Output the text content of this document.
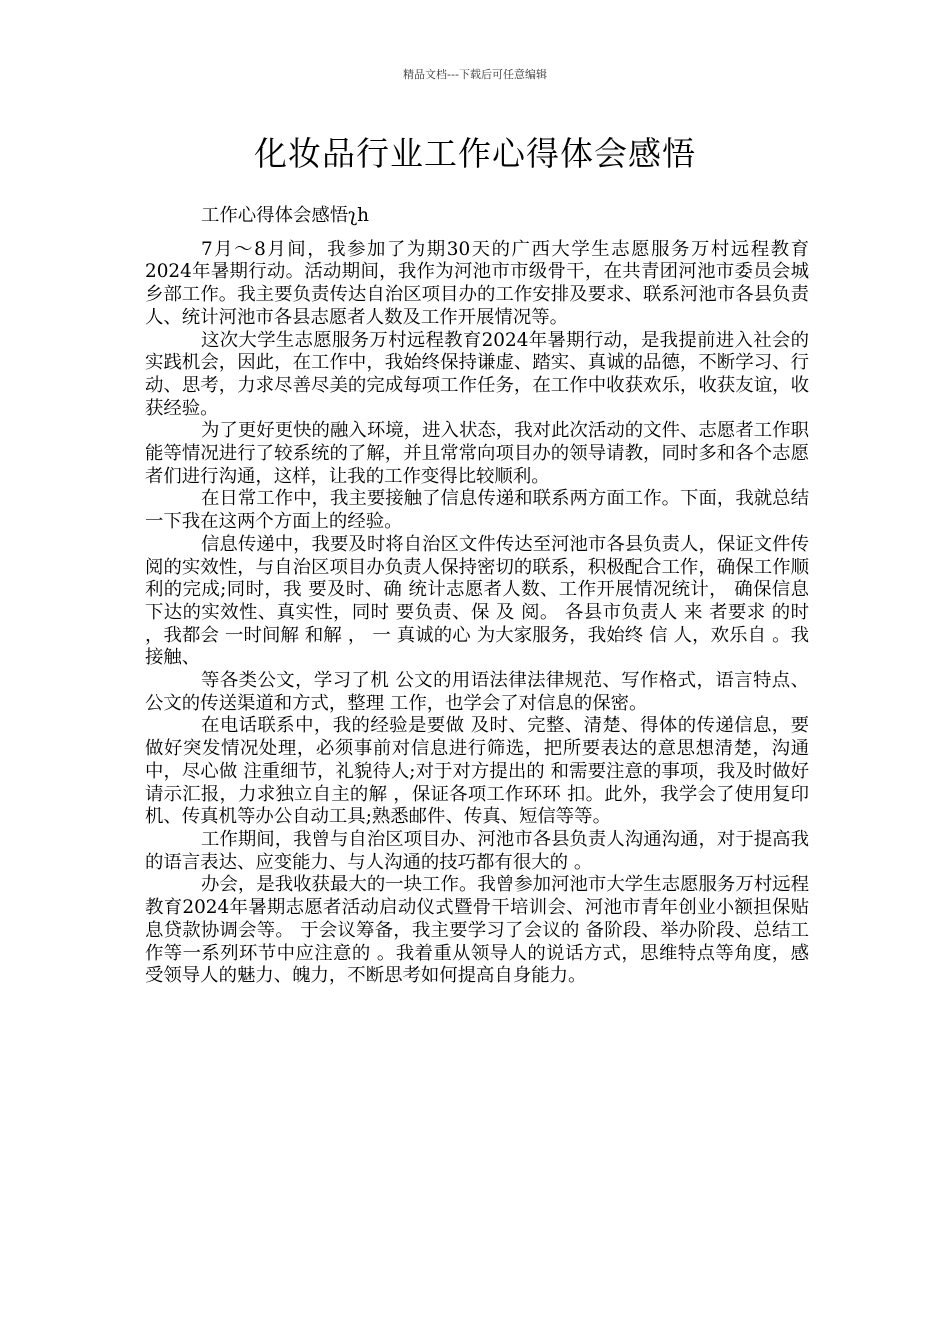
精品文档---下载后可任意编辑
化妆品行业工作心得体会感悟

工作心得体会感悟ʅh

7月～8月间，我参加了为期30天的广西大学生志愿服务万村远程教育2024年暑期行动。活动期间，我作为河池市市级骨干，在共青团河池市委员会城乡部工作。我主要负责传达自治区项目办的工作安排及要求、联系河池市各县负责人、统计河池市各县志愿者人数及工作开展情况等。

这次大学生志愿服务万村远程教育2024年暑期行动，是我提前进入社会的实践机会，因此，在工作中，我始终保持谦虚、踏实、真诚的品德，不断学习、行动、思考，力求尽善尽美的完成每项工作任务，在工作中收获欢乐，收获友谊，收获经验。

为了更好更快的融入环境，进入状态，我对此次活动的文件、志愿者工作职能等情况进行了较系统的了解，并且常常向项目办的领导请教，同时多和各个志愿者们进行沟通，这样，让我的工作变得比较顺利。

在日常工作中，我主要接触了信息传递和联系两方面工作。下面，我就总结一下我在这两个方面上的经验。

信息传递中，我要及时将自治区文件传达至河池市各县负责人，保证文件传阅的实效性，与自治区项目办负责人保持密切的联系，积极配合工作，确保工作顺利的完成;同时，我 要及时、确 统计志愿者人数、工作开展情况统计， 确保信息下达的实效性、真实性，同时 要负责、保 及 阅。 各县市负责人 来 者要求 的时 ，我都会 一时间解 和解 ， 一 真诚的心 为大家服务，我始终 信 人，欢乐自 。我 接触、

等各类公文，学习了机 公文的用语法律法律规范、写作格式，语言特点、公文的传送渠道和方式，整理 工作，也学会了对信息的保密。

在电话联系中，我的经验是要做 及时、完整、清楚、得体的传递信息，要做好突发情况处理，必须事前对信息进行筛选，把所要表达的意思想清楚，沟通中，尽心做 注重细节，礼貌待人;对于对方提出的 和需要注意的事项，我及时做好请示汇报，力求独立自主的解 ，保证各项工作环环 扣。此外，我学会了使用复印机、传真机等办公自动工具;熟悉邮件、传真、短信等等。

工作期间，我曾与自治区项目办、河池市各县负责人沟通沟通，对于提高我的语言表达、应变能力、与人沟通的技巧都有很大的 。

办会，是我收获最大的一块工作。我曾参加河池市大学生志愿服务万村远程教育2024年暑期志愿者活动启动仪式暨骨干培训会、河池市青年创业小额担保贴息贷款协调会等。 于会议筹备，我主要学习了会议的 备阶段、举办阶段、总结工作等一系列环节中应注意的 。我着重从领导人的说话方式，思维特点等角度，感受领导人的魅力、魄力，不断思考如何提高自身能力。
